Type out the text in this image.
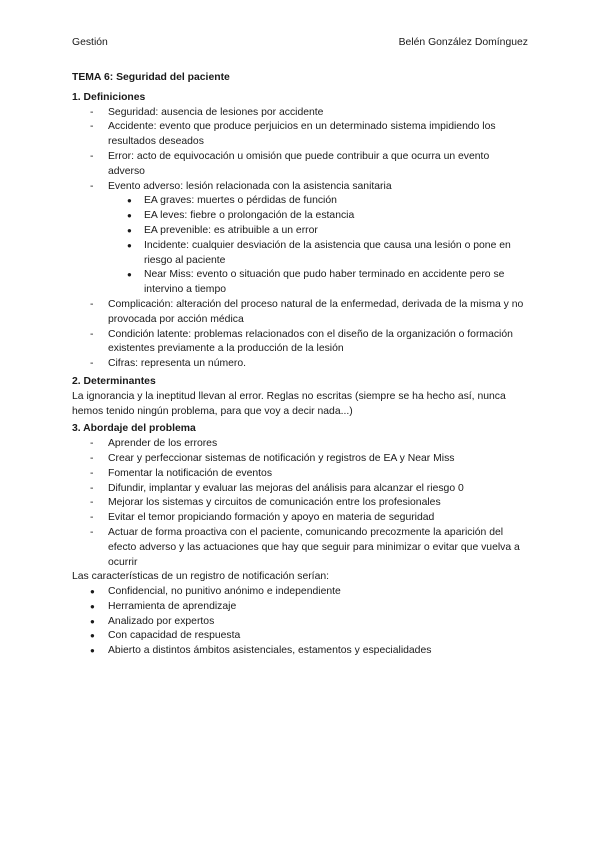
Gestión	Belén González Domínguez

TEMA 6: Seguridad del paciente

1. Definiciones

- Seguridad: ausencia de lesiones por accidente
- Accidente: evento que produce perjuicios en un determinado sistema impidiendo los resultados deseados
- Error: acto de equivocación u omisión que puede contribuir a que ocurra un evento adverso
- Evento adverso: lesión relacionada con la asistencia sanitaria
● EA graves: muertes o pérdidas de función
● EA leves: fiebre o prolongación de la estancia
● EA prevenible: es atribuible a un error
● Incidente: cualquier desviación de la asistencia que causa una lesión o pone en riesgo al paciente
● Near Miss: evento o situación que pudo haber terminado en accidente pero se intervino a tiempo
- Complicación: alteración del proceso natural de la enfermedad, derivada de la misma y no provocada por acción médica
- Condición latente: problemas relacionados con el diseño de la organización o formación existentes previamente a la producción de la lesión
- Cifras: representa un número.

2. Determinantes

La ignorancia y la ineptitud llevan al error. Reglas no escritas (siempre se ha hecho así, nunca hemos tenido ningún problema, para que voy a decir nada...)

3. Abordaje del problema

- Aprender de los errores
- Crear y perfeccionar sistemas de notificación y registros de EA y Near Miss
- Fomentar la notificación de eventos
- Difundir, implantar y evaluar las mejoras del análisis para alcanzar el riesgo 0
- Mejorar los sistemas y circuitos de comunicación entre los profesionales
- Evitar el temor propiciando formación y apoyo en materia de seguridad
- Actuar de forma proactiva con el paciente, comunicando precozmente la aparición del efecto adverso y las actuaciones que hay que seguir para minimizar o evitar que vuelva a ocurrir

Las características de un registro de notificación serían:

● Confidencial, no punitivo anónimo e independiente
● Herramienta de aprendizaje
● Analizado por expertos
● Con capacidad de respuesta
● Abierto a distintos ámbitos asistenciales, estamentos y especialidades
